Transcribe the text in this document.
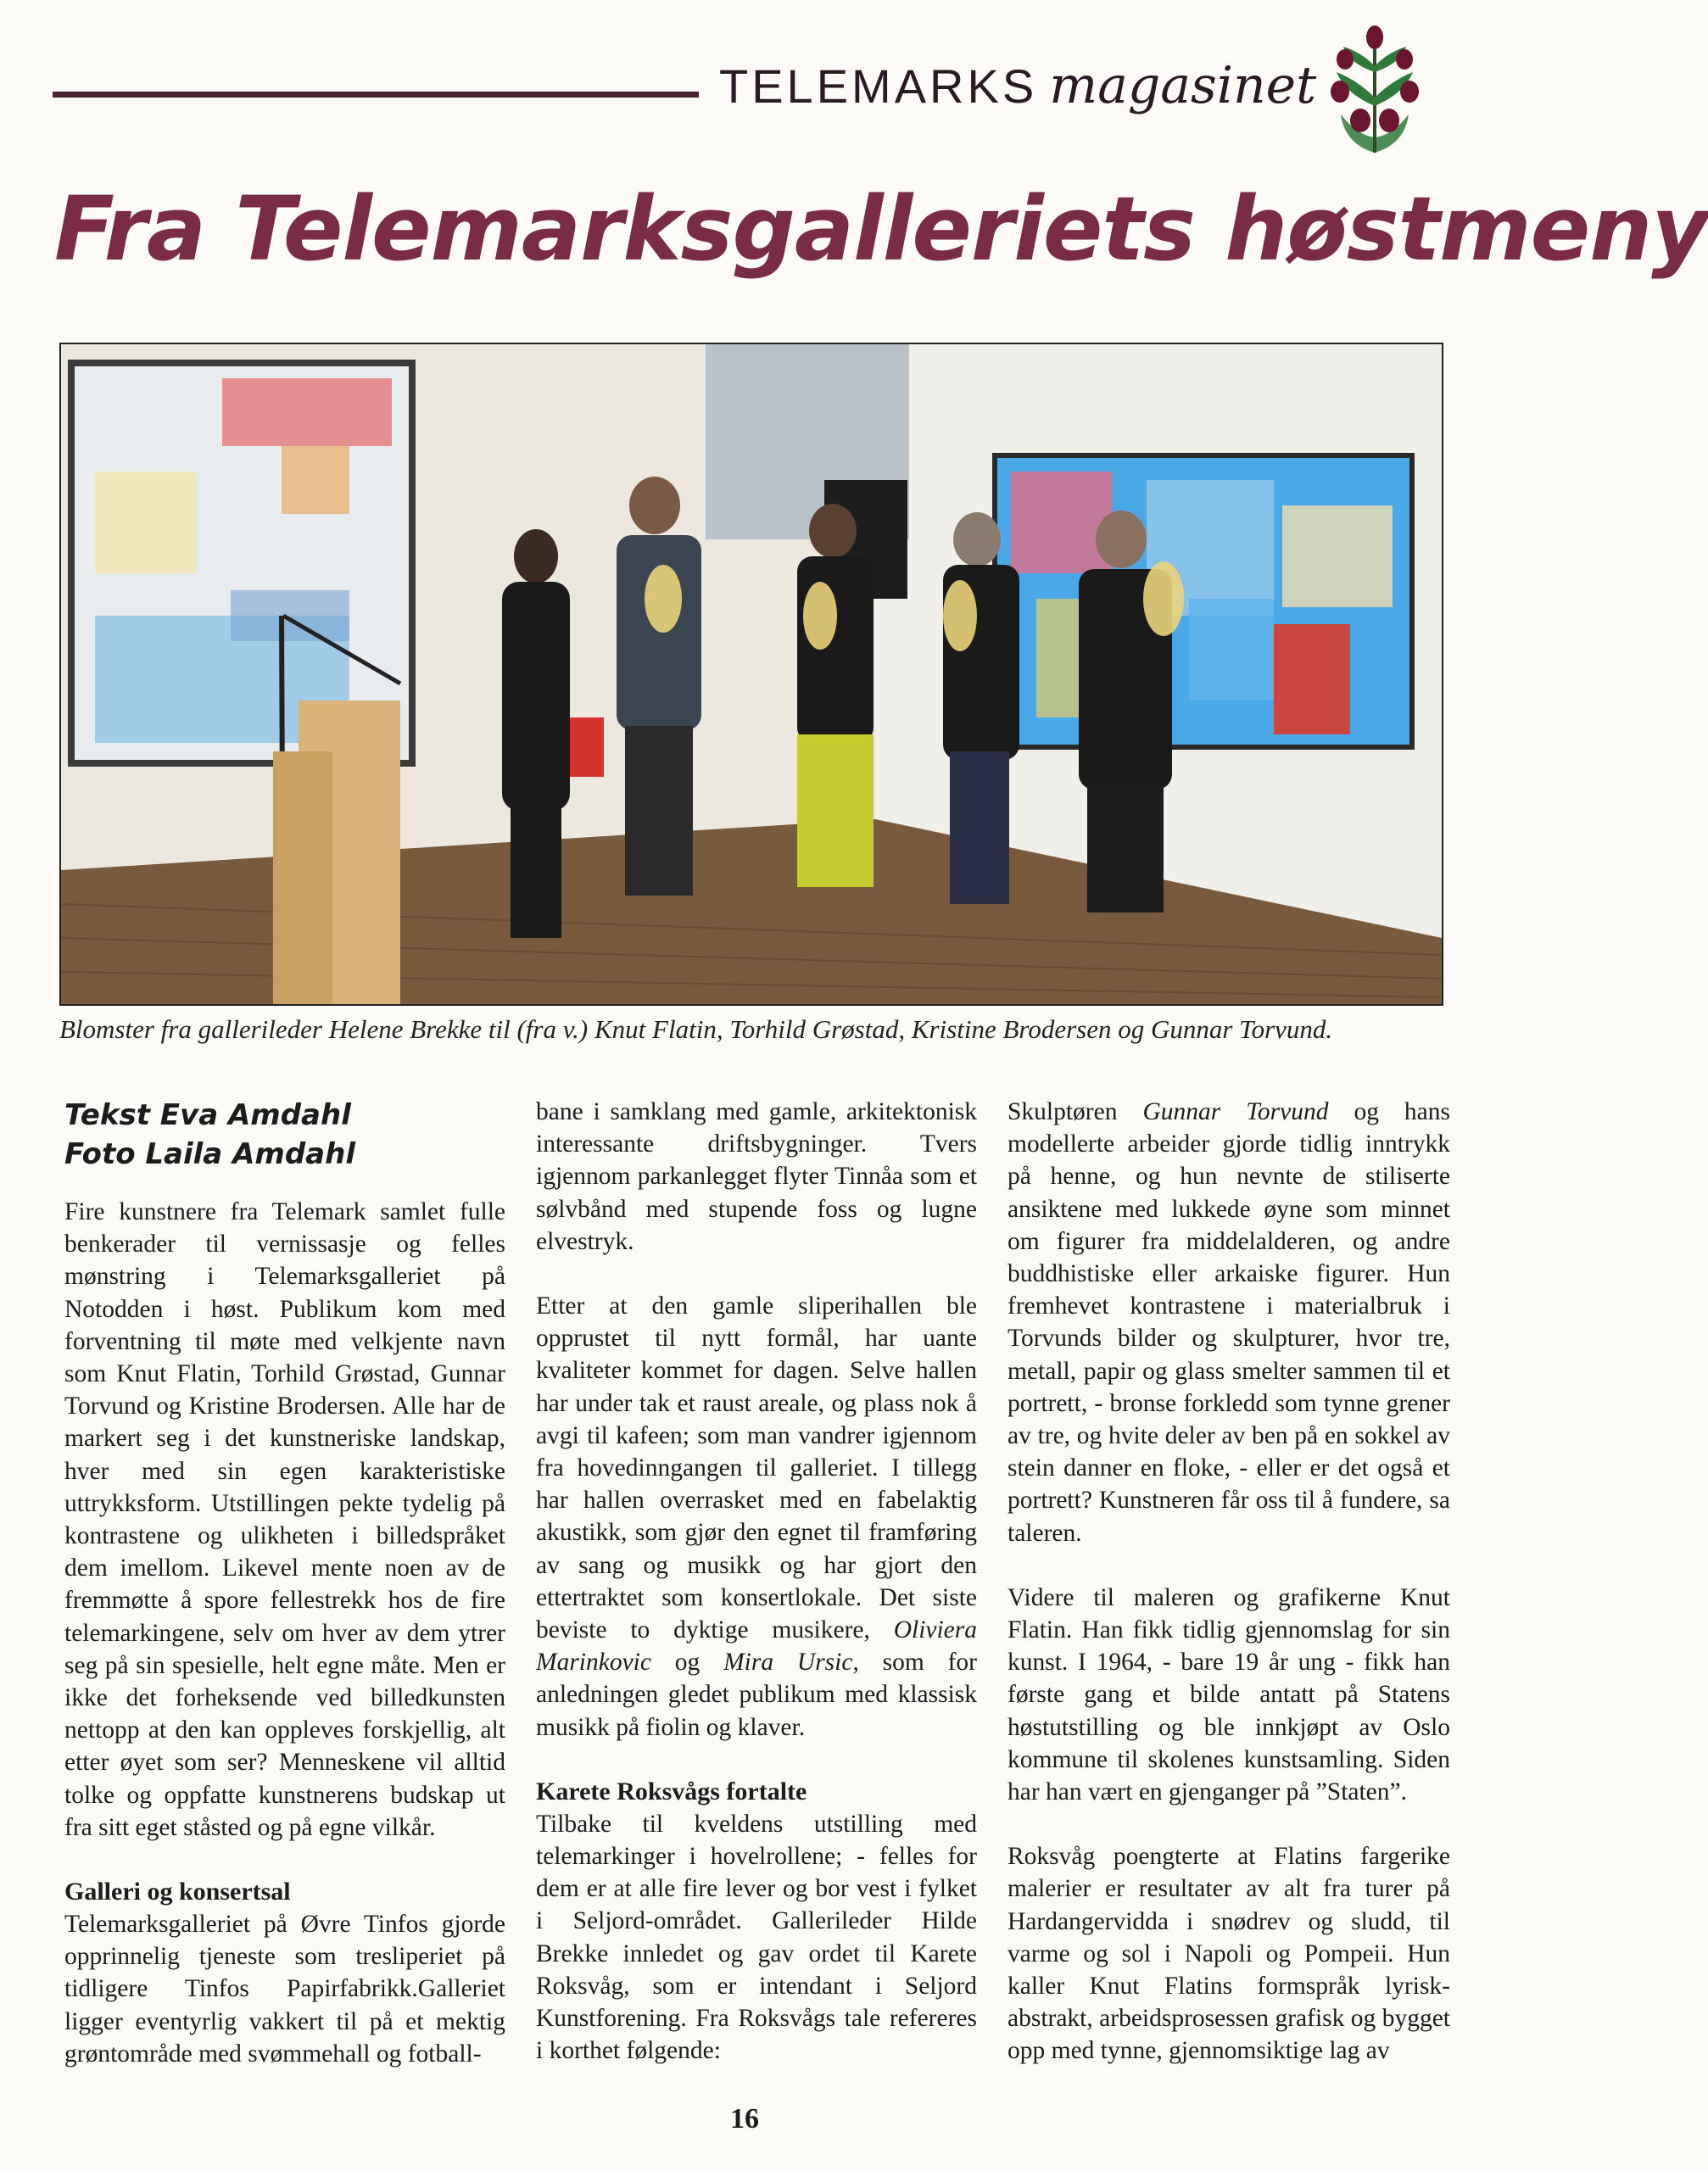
TELEMARKS magasinet
Fra Telemarksgalleriets høstmeny
Blomster fra gallerileder Helene Brekke til (fra v.) Knut Flatin, Torhild Grøstad, Kristine Brodersen og Gunnar Torvund.
Tekst Eva Amdahl
Foto Laila Amdahl

Fire kunstnere fra Telemark samlet fulle benkerader til vernissasje og felles mønstring i Telemarksgalleriet på Notodden i høst. Publikum kom med forventning til møte med velkjente navn som Knut Flatin, Torhild Grøstad, Gunnar Torvund og Kristine Brodersen. Alle har de markert seg i det kunstneriske landskap, hver med sin egen karakteristiske uttrykksform. Utstillingen pekte tydelig på kontrastene og ulikheten i billedspråket dem imellom. Likevel mente noen av de fremmøtte å spore fellestrekk hos de fire telemarkingene, selv om hver av dem ytrer seg på sin spesielle, helt egne måte. Men er ikke det forheksende ved billedkunsten nettopp at den kan oppleves forskjellig, alt etter øyet som ser? Menneskene vil alltid tolke og oppfatte kunstnerens budskap ut fra sitt eget ståsted og på egne vilkår.

Galleri og konsertsal

Telemarksgalleriet på Øvre Tinfos gjorde opprinnelig tjeneste som tresliperiet på tidligere Tinfos Papirfabrikk.Galleriet ligger eventyrlig vakkert til på et mektig grøntområde med svømmehall og fotball-

bane i samklang med gamle, arkitektonisk interessante driftsbygninger. Tvers igjennom parkanlegget flyter Tinnåa som et sølvbånd med stupende foss og lugne elvestryk.

Etter at den gamle sliperihallen ble opprustet til nytt formål, har uante kvaliteter kommet for dagen. Selve hallen har under tak et raust areale, og plass nok å avgi til kafeen; som man vandrer igjennom fra hovedinngangen til galleriet. I tillegg har hallen overrasket med en fabelaktig akustikk, som gjør den egnet til framføring av sang og musikk og har gjort den ettertraktet som konsertlokale. Det siste beviste to dyktige musikere, Oliviera Marinkovic og Mira Ursic, som for anledningen gledet publikum med klassisk musikk på fiolin og klaver.

Karete Roksvågs fortalte

Tilbake til kveldens utstilling med telemarkinger i hovelrollene; - felles for dem er at alle fire lever og bor vest i fylket i Seljord-området. Gallerileder Hilde Brekke innledet og gav ordet til Karete Roksvåg, som er intendant i Seljord Kunstforening. Fra Roksvågs tale refereres i korthet følgende:

Skulptøren Gunnar Torvund og hans modellerte arbeider gjorde tidlig inntrykk på henne, og hun nevnte de stiliserte ansiktene med lukkede øyne som minnet om figurer fra middelalderen, og andre buddhistiske eller arkaiske figurer. Hun fremhevet kontrastene i materialbruk i Torvunds bilder og skulpturer, hvor tre, metall, papir og glass smelter sammen til et portrett, - bronse forkledd som tynne grener av tre, og hvite deler av ben på en sokkel av stein danner en floke, - eller er det også et portrett? Kunstneren får oss til å fundere, sa taleren.

Videre til maleren og grafikerne Knut Flatin. Han fikk tidlig gjennomslag for sin kunst. I 1964, - bare 19 år ung - fikk han første gang et bilde antatt på Statens høstutstilling og ble innkjøpt av Oslo kommune til skolenes kunstsamling. Siden har han vært en gjenganger på ”Staten”.

Roksvåg poengterte at Flatins fargerike malerier er resultater av alt fra turer på Hardangervidda i snødrev og sludd, til varme og sol i Napoli og Pompeii. Hun kaller Knut Flatins formspråk lyrisk-abstrakt, arbeidsprosessen grafisk og bygget opp med tynne, gjennomsiktige lag av

16
